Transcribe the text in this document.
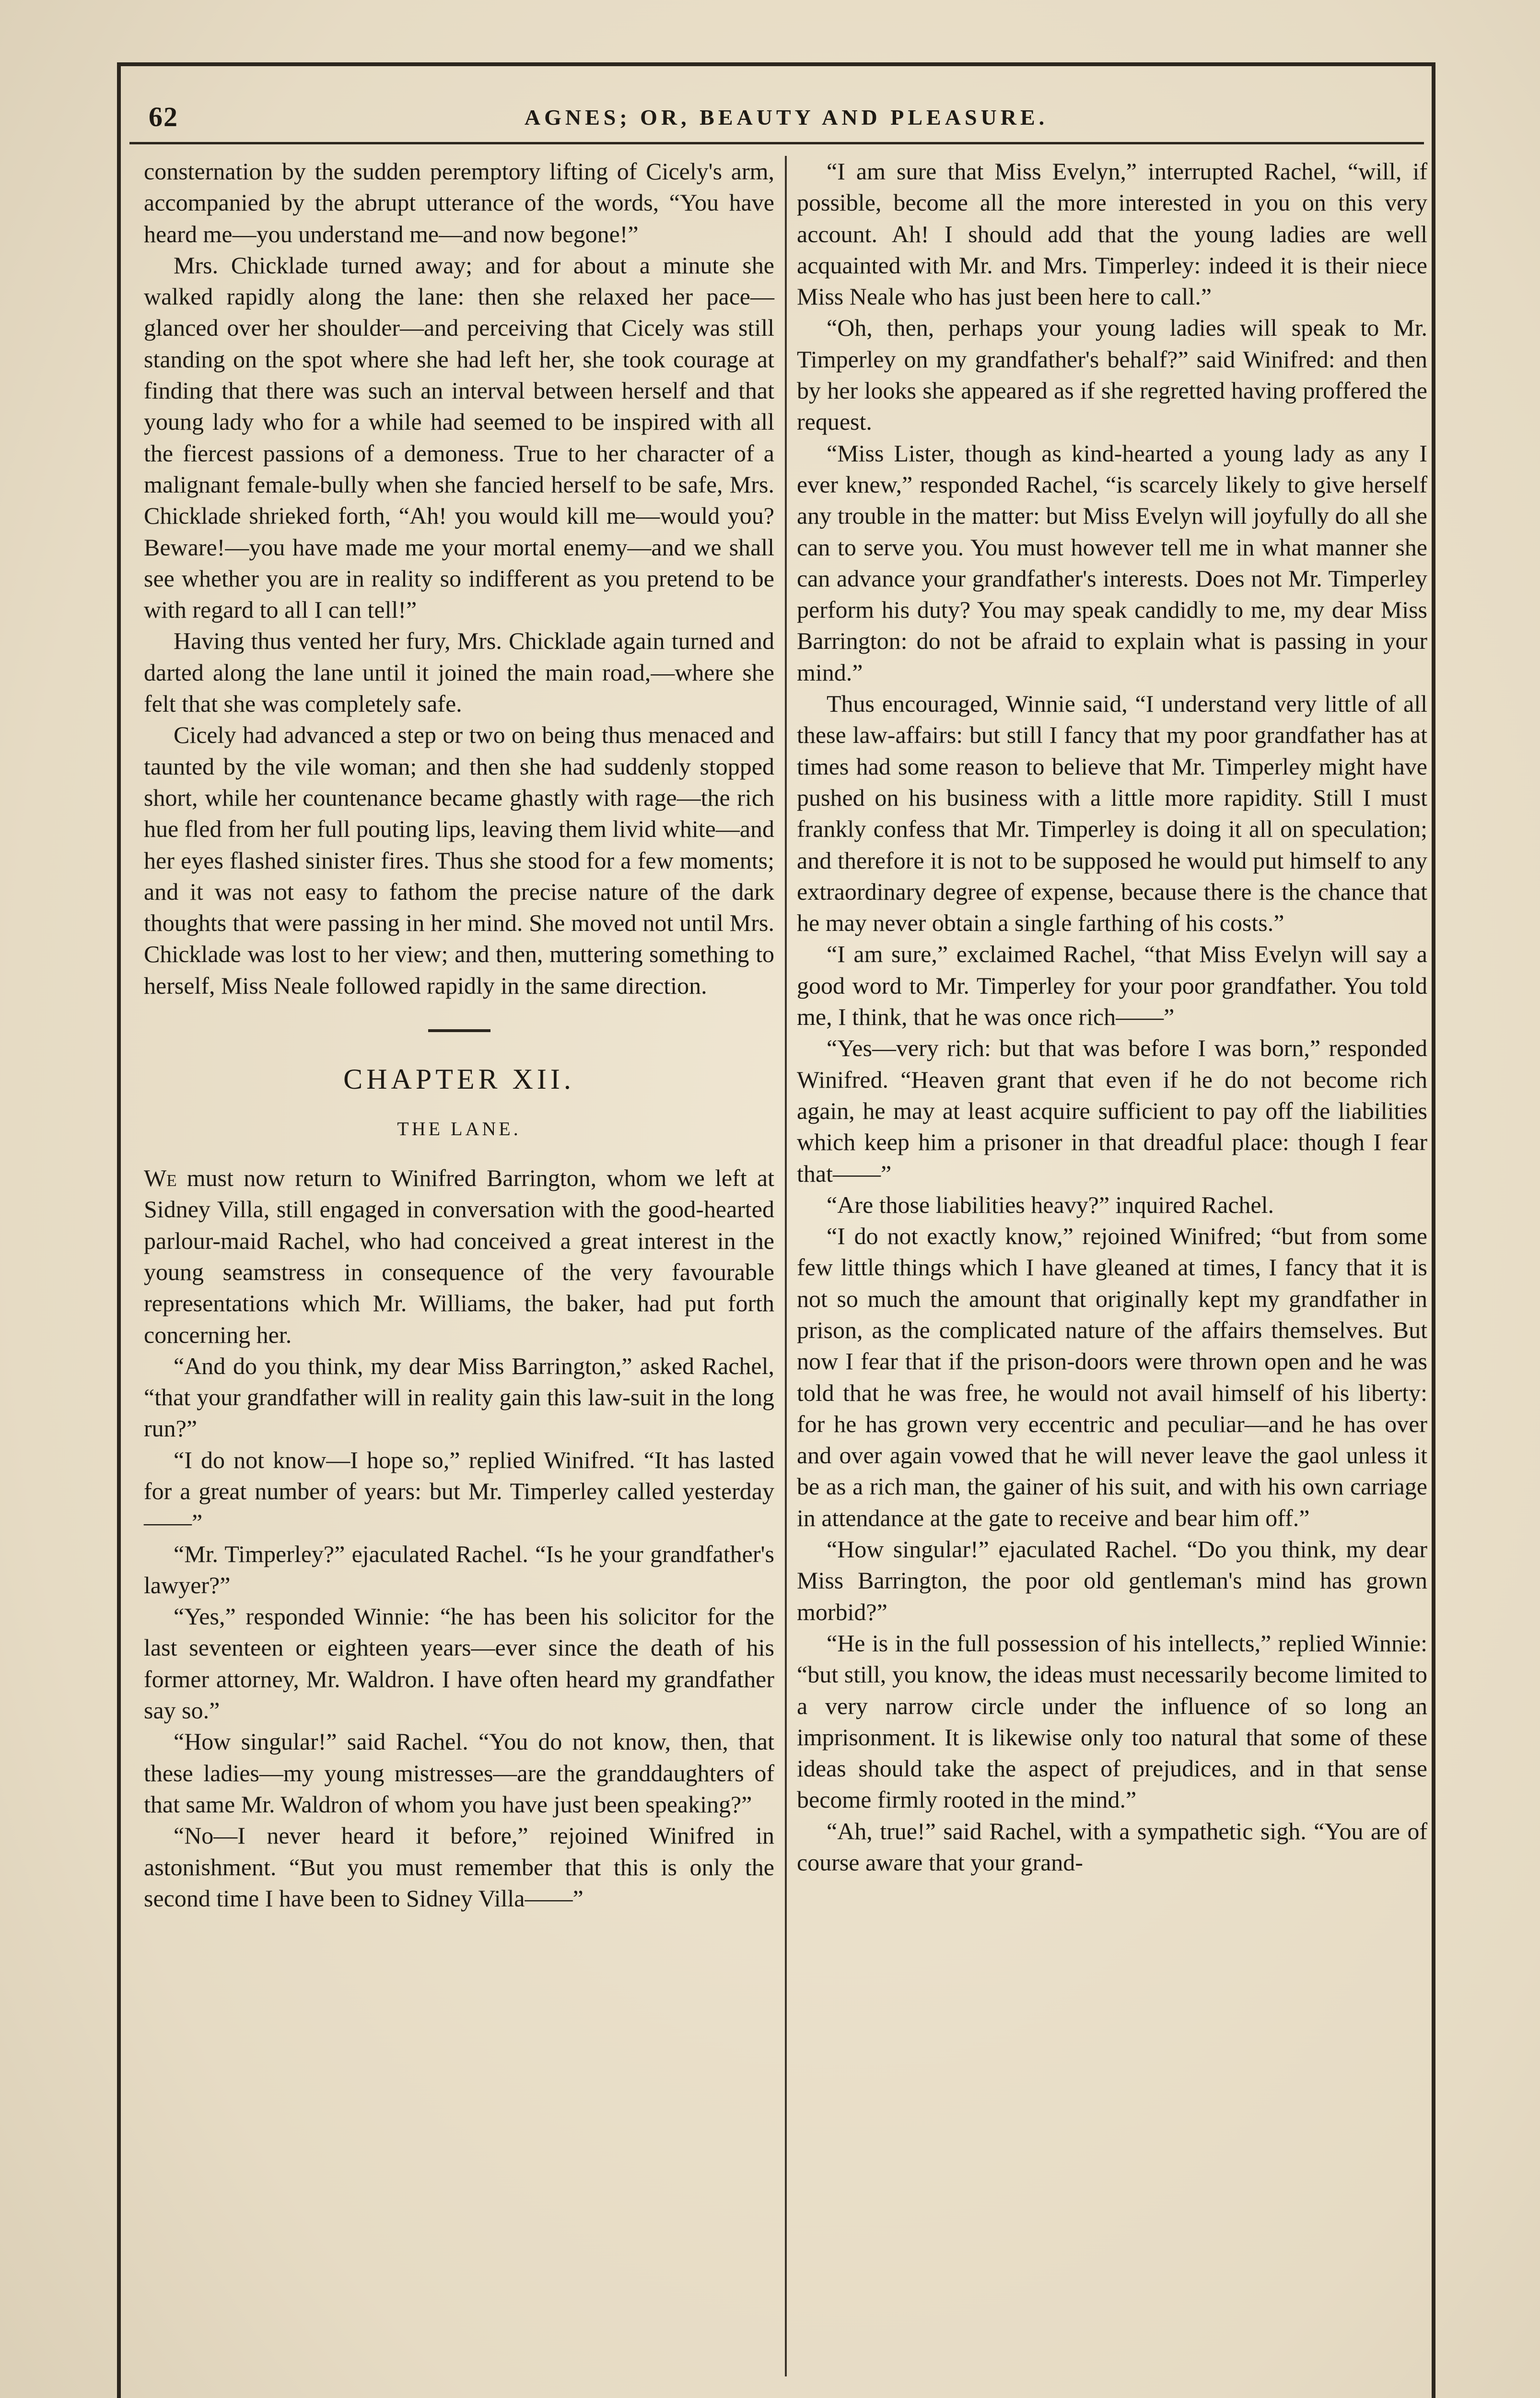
62	AGNES; OR, BEAUTY AND PLEASURE.

consternation by the sudden peremptory lifting of Cicely's arm, accompanied by the abrupt utterance of the words, “You have heard me—you understand me—and now begone!”

Mrs. Chicklade turned away; and for about a minute she walked rapidly along the lane: then she relaxed her pace—glanced over her shoulder—and perceiving that Cicely was still standing on the spot where she had left her, she took courage at finding that there was such an interval between herself and that young lady who for a while had seemed to be inspired with all the fiercest passions of a demoness. True to her character of a malignant female-bully when she fancied herself to be safe, Mrs. Chicklade shrieked forth, “Ah! you would kill me—would you? Beware!—you have made me your mortal enemy—and we shall see whether you are in reality so indifferent as you pretend to be with regard to all I can tell!”

Having thus vented her fury, Mrs. Chicklade again turned and darted along the lane until it joined the main road,—where she felt that she was completely safe.

Cicely had advanced a step or two on being thus menaced and taunted by the vile woman; and then she had suddenly stopped short, while her countenance became ghastly with rage—the rich hue fled from her full pouting lips, leaving them livid white—and her eyes flashed sinister fires. Thus she stood for a few moments; and it was not easy to fathom the precise nature of the dark thoughts that were passing in her mind. She moved not until Mrs. Chicklade was lost to her view; and then, muttering something to herself, Miss Neale followed rapidly in the same direction.

CHAPTER XII.
THE LANE.

We must now return to Winifred Barrington, whom we left at Sidney Villa, still engaged in conversation with the good-hearted parlour-maid Rachel, who had conceived a great interest in the young seamstress in consequence of the very favourable representations which Mr. Williams, the baker, had put forth concerning her.

“And do you think, my dear Miss Barrington,” asked Rachel, “that your grandfather will in reality gain this law-suit in the long run?”

“I do not know—I hope so,” replied Winifred. “It has lasted for a great number of years: but Mr. Timperley called yesterday——”

“Mr. Timperley?” ejaculated Rachel. “Is he your grandfather's lawyer?”

“Yes,” responded Winnie: “he has been his solicitor for the last seventeen or eighteen years—ever since the death of his former attorney, Mr. Waldron. I have often heard my grandfather say so.”

“How singular!” said Rachel. “You do not know, then, that these ladies—my young mistresses—are the granddaughters of that same Mr. Waldron of whom you have just been speaking?”

“No—I never heard it before,” rejoined Winifred in astonishment. “But you must remember that this is only the second time I have been to Sidney Villa——”

“I am sure that Miss Evelyn,” interrupted Rachel, “will, if possible, become all the more interested in you on this very account. Ah! I should add that the young ladies are well acquainted with Mr. and Mrs. Timperley: indeed it is their niece Miss Neale who has just been here to call.”

“Oh, then, perhaps your young ladies will speak to Mr. Timperley on my grandfather's behalf?” said Winifred: and then by her looks she appeared as if she regretted having proffered the request.

“Miss Lister, though as kind-hearted a young lady as any I ever knew,” responded Rachel, “is scarcely likely to give herself any trouble in the matter: but Miss Evelyn will joyfully do all she can to serve you. You must however tell me in what manner she can advance your grandfather's interests. Does not Mr. Timperley perform his duty? You may speak candidly to me, my dear Miss Barrington: do not be afraid to explain what is passing in your mind.”

Thus encouraged, Winnie said, “I understand very little of all these law-affairs: but still I fancy that my poor grandfather has at times had some reason to believe that Mr. Timperley might have pushed on his business with a little more rapidity. Still I must frankly confess that Mr. Timperley is doing it all on speculation; and therefore it is not to be supposed he would put himself to any extraordinary degree of expense, because there is the chance that he may never obtain a single farthing of his costs.”

“I am sure,” exclaimed Rachel, “that Miss Evelyn will say a good word to Mr. Timperley for your poor grandfather. You told me, I think, that he was once rich——”

“Yes—very rich: but that was before I was born,” responded Winifred. “Heaven grant that even if he do not become rich again, he may at least acquire sufficient to pay off the liabilities which keep him a prisoner in that dreadful place: though I fear that——”

“Are those liabilities heavy?” inquired Rachel.

“I do not exactly know,” rejoined Winifred; “but from some few little things which I have gleaned at times, I fancy that it is not so much the amount that originally kept my grandfather in prison, as the complicated nature of the affairs themselves. But now I fear that if the prison-doors were thrown open and he was told that he was free, he would not avail himself of his liberty: for he has grown very eccentric and peculiar—and he has over and over again vowed that he will never leave the gaol unless it be as a rich man, the gainer of his suit, and with his own carriage in attendance at the gate to receive and bear him off.”

“How singular!” ejaculated Rachel. “Do you think, my dear Miss Barrington, the poor old gentleman's mind has grown morbid?”

“He is in the full possession of his intellects,” replied Winnie: “but still, you know, the ideas must necessarily become limited to a very narrow circle under the influence of so long an imprisonment. It is likewise only too natural that some of these ideas should take the aspect of prejudices, and in that sense become firmly rooted in the mind.”

“Ah, true!” said Rachel, with a sympathetic sigh. “You are of course aware that your grand-
